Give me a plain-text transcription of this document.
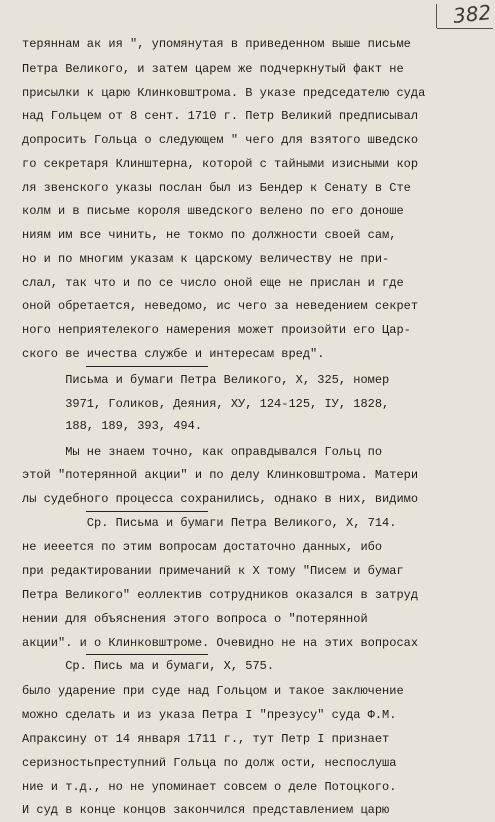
382
теряннам ак ия ", упомянутая в приведенном выше письме
Петра Великого, и затем царем же подчеркнутый факт не
присылки к царю Клинковштрома. В указе председателю суда
над Гольцем от 8 сент. 1710 г. Петр Великий предписывал
допросить Гольца о следующем " чего для взятого шведско
го секретаря Клинштерна, которой с тайными изисными кор
ля звенского указы послан был из Бендер к Сенату в Сте
колм и в письме короля шведского велено по его доноше
ниям им все чинить, не токмо по должности своей сам,
но и по многим указам к царскому величеству не при-
слал, так что и по се число оной еще не прислан и где
оной обретается, неведомо, ис чего за неведением секрет
ного неприятелекого намерения может произойти его Цар-
ского ве ичества службе и интересам вред".
Письма и бумаги Петра Великого, Х, 325, номер
3971, Голиков, Деяния, ХУ, 124-125, IУ, 1828,
188, 189, 393, 494.
Мы не знаем точно, как оправдывался Гольц по
этой "потерянной акции" и по делу Клинковштрома. Матери
лы судебного процесса сохранились, однако в них, видимо
Ср. Письма и бумаги Петра Великого, Х, 714.
не иееется по этим вопросам достаточно данных, ибо
при редактировании примечаний к Х тому "Писем и бумаг
Петра Великого" еоллектив сотрудников оказался в затруд
нении для объяснения этого вопроса о "потерянной
акции". и о Клинковштроме. Очевидно не на этих вопросах
Ср. Пись ма и бумаги, Х, 575.
было ударение при суде над Гольцом и такое заключение
можно сделать и из указа Петра I "презусу" суда Ф.М.
Апраксину от 14 января 1711 г., тут Петр I признает
серизностьпреступний Гольца по долж ости, неспослуша
ние и т.д., но не упоминает совсем о деле Потоцкого.
И суд в конце концов закончился представлением царю
